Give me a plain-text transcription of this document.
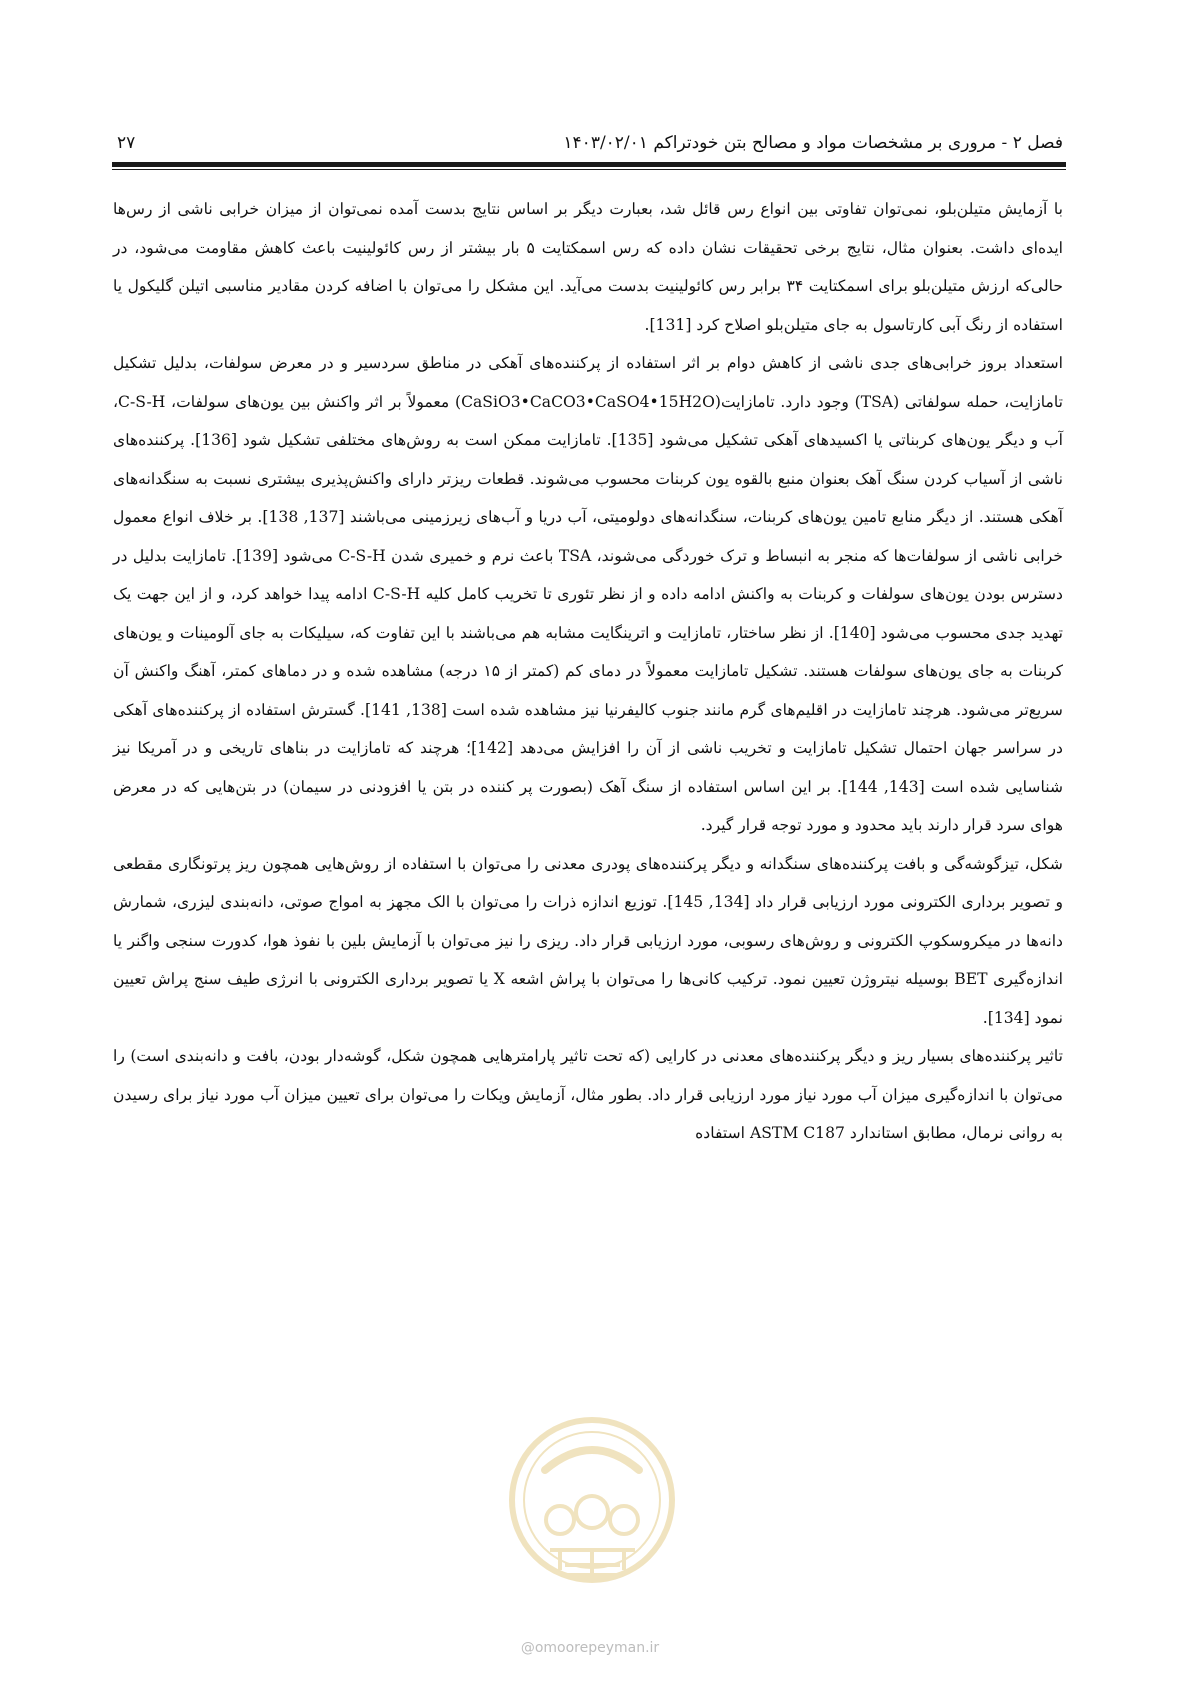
فصل ۲ - مروری بر مشخصات مواد و مصالح بتن خودتراکم ۱۴۰۳/۰۲/۰۱
۲۷

با آزمایش متیلن‌بلو، نمی‌توان تفاوتی بین انواع رس قائل شد، بعبارت دیگر بر اساس نتایج بدست آمده نمی‌توان از میزان خرابی ناشی از رس‌ها ایده‌ای داشت. بعنوان مثال، نتایج برخی تحقیقات نشان داده که رس اسمکتایت ۵ بار بیشتر از رس کائولینیت باعث کاهش مقاومت می‌شود، در حالی‌که ارزش متیلن‌بلو برای اسمکتایت ۳۴ برابر رس کائولینیت بدست می‌آید. این مشکل را می‌توان با اضافه کردن مقادیر مناسبی اتیلن گلیکول یا استفاده از رنگ آبی کارتاسول به جای متیلن‌بلو اصلاح کرد [131].

استعداد بروز خرابی‌های جدی ناشی از کاهش دوام بر اثر استفاده از پرکننده‌های آهکی در مناطق سردسیر و در معرض سولفات، بدلیل تشکیل تامازایت، حمله سولفاتی (TSA) وجود دارد. تامازایت(CaSiO3•CaCO3•CaSO4•15H2O) معمولاً بر اثر واکنش بین یون‌های سولفات، C-S-H، آب و دیگر یون‌های کربناتی یا اکسیدهای آهکی تشکیل می‌شود [135]. تامازایت ممکن است به روش‌های مختلفی تشکیل شود [136]. پرکننده‌های ناشی از آسیاب کردن سنگ آهک بعنوان منبع بالقوه یون کربنات محسوب می‌شوند. قطعات ریزتر دارای واکنش‌پذیری بیشتری نسبت به سنگدانه‌های آهکی هستند. از دیگر منابع تامین یون‌های کربنات، سنگدانه‌های دولومیتی، آب دریا و آب‌های زیرزمینی می‌باشند [137, 138]. بر خلاف انواع معمول خرابی ناشی از سولفات‌ها که منجر به انبساط و ترک خوردگی می‌شوند، TSA باعث نرم و خمیری شدن C-S-H می‌شود [139]. تامازایت بدلیل در دسترس بودن یون‌های سولفات و کربنات به واکنش ادامه داده و از نظر تئوری تا تخریب کامل کلیه C-S-H ادامه پیدا خواهد کرد، و از این جهت یک تهدید جدی محسوب می‌شود [140]. از نظر ساختار، تامازایت و اترینگایت مشابه هم می‌باشند با این تفاوت که، سیلیکات به جای آلومینات و یون‌های کربنات به جای یون‌های سولفات هستند. تشکیل تامازایت معمولاً در دمای کم (کمتر از ۱۵ درجه) مشاهده شده و در دماهای کمتر، آهنگ واکنش آن سریع‌تر می‌شود. هرچند تامازایت در اقلیم‌های گرم مانند جنوب کالیفرنیا نیز مشاهده شده است [138, 141]. گسترش استفاده از پرکننده‌های آهکی در سراسر جهان احتمال تشکیل تامازایت و تخریب ناشی از آن را افزایش می‌دهد [142]؛ هرچند که تامازایت در بناهای تاریخی و در آمریکا نیز شناسایی شده است [143, 144]. بر این اساس استفاده از سنگ آهک (بصورت پر کننده در بتن یا افزودنی در سیمان) در بتن‌هایی که در معرض هوای سرد قرار دارند باید محدود و مورد توجه قرار گیرد.

شکل، تیزگوشه‌گی و بافت پرکننده‌های سنگدانه و دیگر پرکننده‌های پودری معدنی را می‌توان با استفاده از روش‌هایی همچون ریز پرتونگاری مقطعی و تصویر برداری الکترونی مورد ارزیابی قرار داد [134, 145]. توزیع اندازه ذرات را می‌توان با الک مجهز به امواج صوتی، دانه‌بندی لیزری، شمارش دانه‌ها در میکروسکوپ الکترونی و روش‌های رسوبی، مورد ارزیابی قرار داد. ریزی را نیز می‌توان با آزمایش بلین با نفوذ هوا، کدورت سنجی واگنر یا اندازه‌گیری BET بوسیله نیتروژن تعیین نمود. ترکیب کانی‌ها را می‌توان با پراش اشعه X یا تصویر برداری الکترونی با انرژی طیف سنج پراش تعیین نمود [134].

تاثیر پرکننده‌های بسیار ریز و دیگر پرکننده‌های معدنی در کارایی (که تحت تاثیر پارامترهایی همچون شکل، گوشه‌دار بودن، بافت و دانه‌بندی است) را می‌توان با اندازه‌گیری میزان آب مورد نیاز مورد ارزیابی قرار داد. بطور مثال، آزمایش ویکات را می‌توان برای تعیین میزان آب مورد نیاز برای رسیدن به روانی نرمال، مطابق استاندارد ASTM C187 استفاده

@omoorepeyman.ir
